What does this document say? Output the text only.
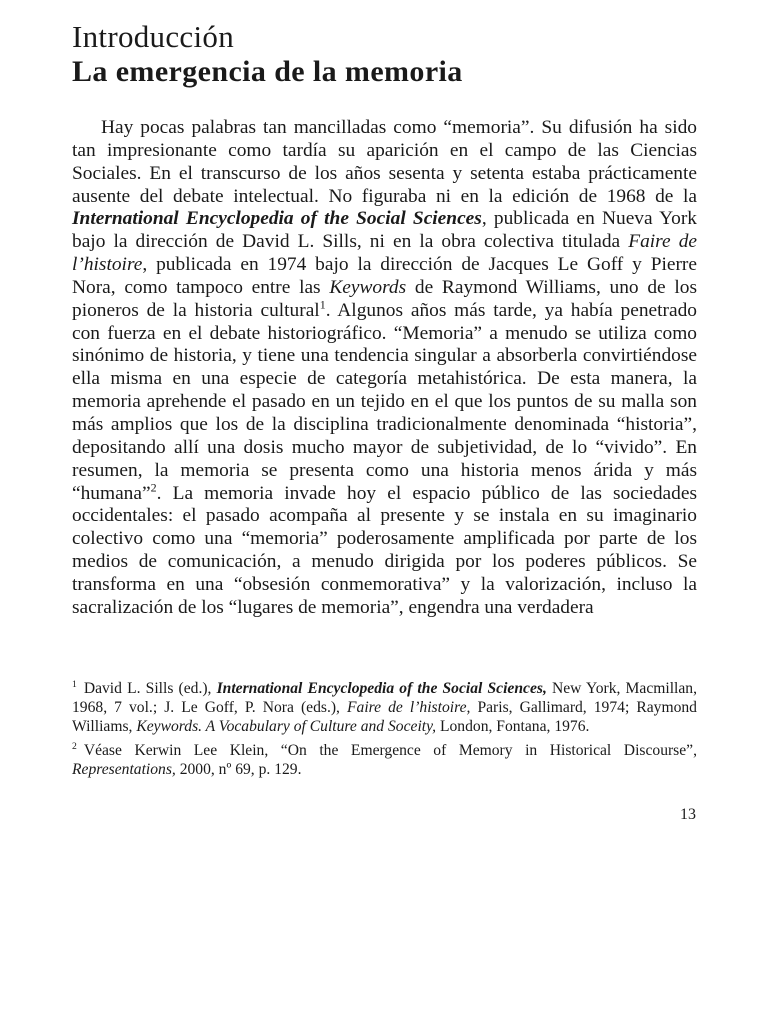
Introducción
La emergencia de la memoria

Hay pocas palabras tan mancilladas como “memoria”. Su difusión ha sido tan impresionante como tardía su aparición en el campo de las Ciencias Sociales. En el transcurso de los años sesenta y setenta estaba prácticamente ausente del debate intelectual. No figuraba ni en la edición de 1968 de la International Encyclopedia of the Social Sciences, publicada en Nueva York bajo la dirección de David L. Sills, ni en la obra colectiva titulada Faire de l’histoire, publicada en 1974 bajo la dirección de Jacques Le Goff y Pierre Nora, como tampoco entre las Keywords de Raymond Williams, uno de los pioneros de la historia cultural$^1$. Algunos años más tarde, ya había penetrado con fuerza en el debate historiográfico. “Memoria” a menudo se utiliza como sinónimo de historia, y tiene una tendencia singular a absorberla convirtiéndose ella misma en una especie de categoría metahistórica. De esta manera, la memoria aprehende el pasado en un tejido en el que los puntos de su malla son más amplios que los de la disciplina tradicionalmente denominada “historia”, depositando allí una dosis mucho mayor de subjetividad, de lo “vivido”. En resumen, la memoria se presenta como una historia menos árida y más “humana”$^2$. La memoria invade hoy el espacio público de las sociedades occidentales: el pasado acompaña al presente y se instala en su imaginario colectivo como una “memoria” poderosamente amplificada por parte de los medios de comunicación, a menudo dirigida por los poderes públicos. Se transforma en una “obsesión conmemorativa” y la valorización, incluso la sacralización de los “lugares de memoria”, engendra una verdadera

$^1$ David L. Sills (ed.), International Encyclopedia of the Social Sciences, New York, Macmillan, 1968, 7 vol.; J. Le Goff, P. Nora (eds.), Faire de l’histoire, Paris, Gallimard, 1974; Raymond Williams, Keywords. A Vocabulary of Culture and Soceity, London, Fontana, 1976.

$^2$ Véase Kerwin Lee Klein, “On the Emergence of Memory in Historical Discourse”, Representations, 2000, nº 69, p. 129.

13
